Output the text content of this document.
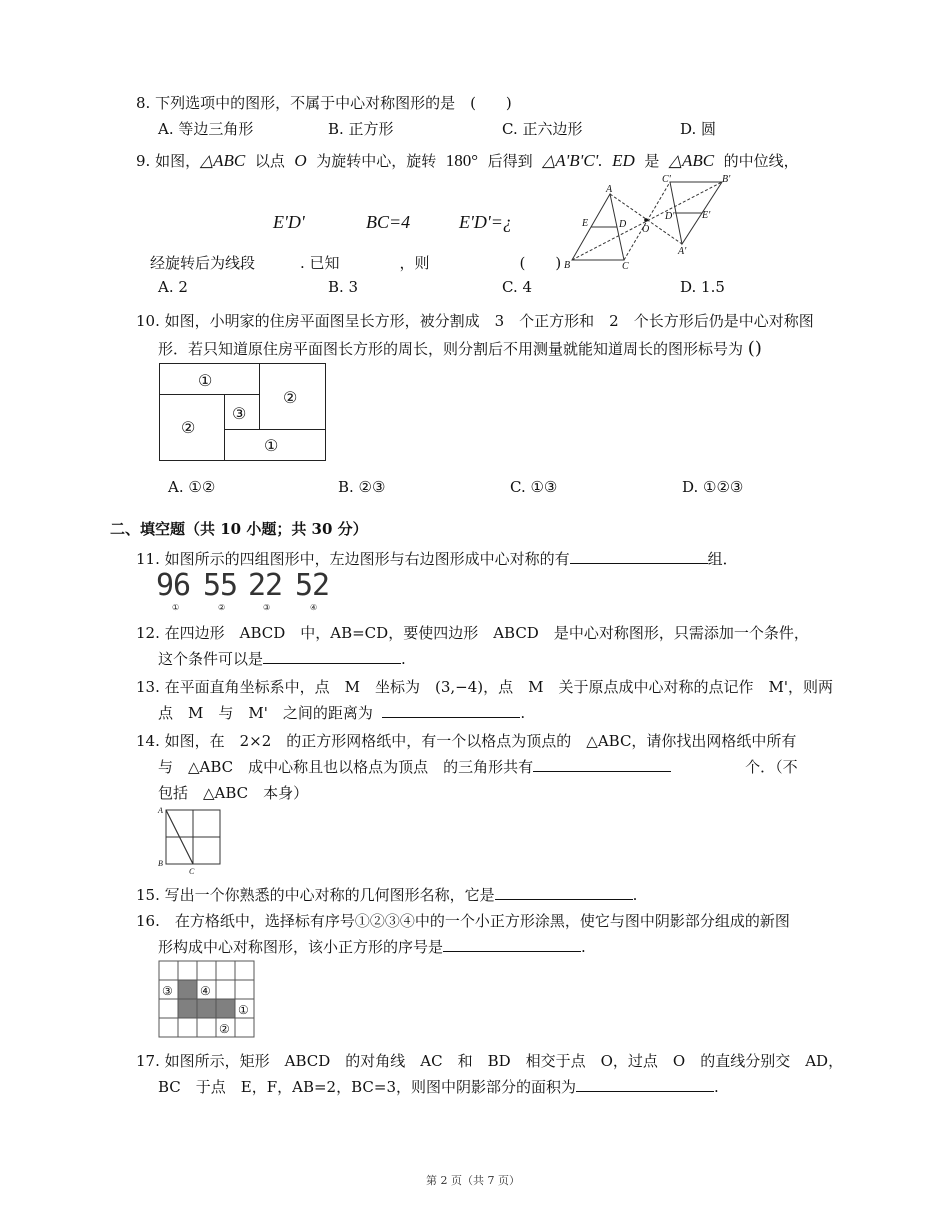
8. 下列选项中的图形，不属于中心对称图形的是　(　　)
A. 等边三角形	B. 正方形	C. 正六边形	D. 圆
9. 如图，△ABC 以点 O 为旋转中心，旋转 180° 后得到 △A'B'C'. ED 是 △ABC 的中位线，
E'D'	BC=4	E'D'=¿
经旋转后为线段　　　. 已知　　　　，则　　　　　　(　　)
A. 2	B. 3	C. 4	D. 1.5
A
E	D
B	C
O
C'	B'
D'	E'
A'
10. 如图，小明家的住房平面图呈长方形，被分割成　3　个正方形和　2　个长方形后仍是中心对称图
形．若只知道原住房平面图长方形的周长，则分割后不用测量就能知道周长的图形标号为 ()
①
②
③
②
①
A. ①②	B. ②③	C. ①③	D. ①②③
二、填空题（共 10 小题；共 30 分）
11. 如图所示的四组图形中，左边图形与右边图形成中心对称的有	组．
96 55 22 52
①	②	③	④
12. 在四边形　ABCD　中，AB=CD，要使四边形　ABCD　是中心对称图形，只需添加一个条件，
这个条件可以是	.
13. 在平面直角坐标系中，点　M　坐标为　(3,−4)，点　M　关于原点成中心对称的点记作　M'，则两
点　M　与　M'　之间的距离为	.
14. 如图，在　2×2　的正方形网格纸中，有一个以格点为顶点的　△ABC，请你找出网格纸中所有
与　△ABC　成中心称且也以格点为顶点　的三角形共有	个．（不
包括　△ABC　本身）
A
B
C
15. 写出一个你熟悉的中心对称的几何图形名称，它是	.
16.　在方格纸中，选择标有序号①②③④中的一个小正方形涂黑，使它与图中阴影部分组成的新图
形构成中心对称图形，该小正方形的序号是	.
③ ④
①
②
17. 如图所示，矩形　ABCD　的对角线　AC　和　BD　相交于点　O，过点　O　的直线分别交　AD，
BC　于点　E，F，AB=2，BC=3，则图中阴影部分的面积为	.
第 2 页（共 7 页）
